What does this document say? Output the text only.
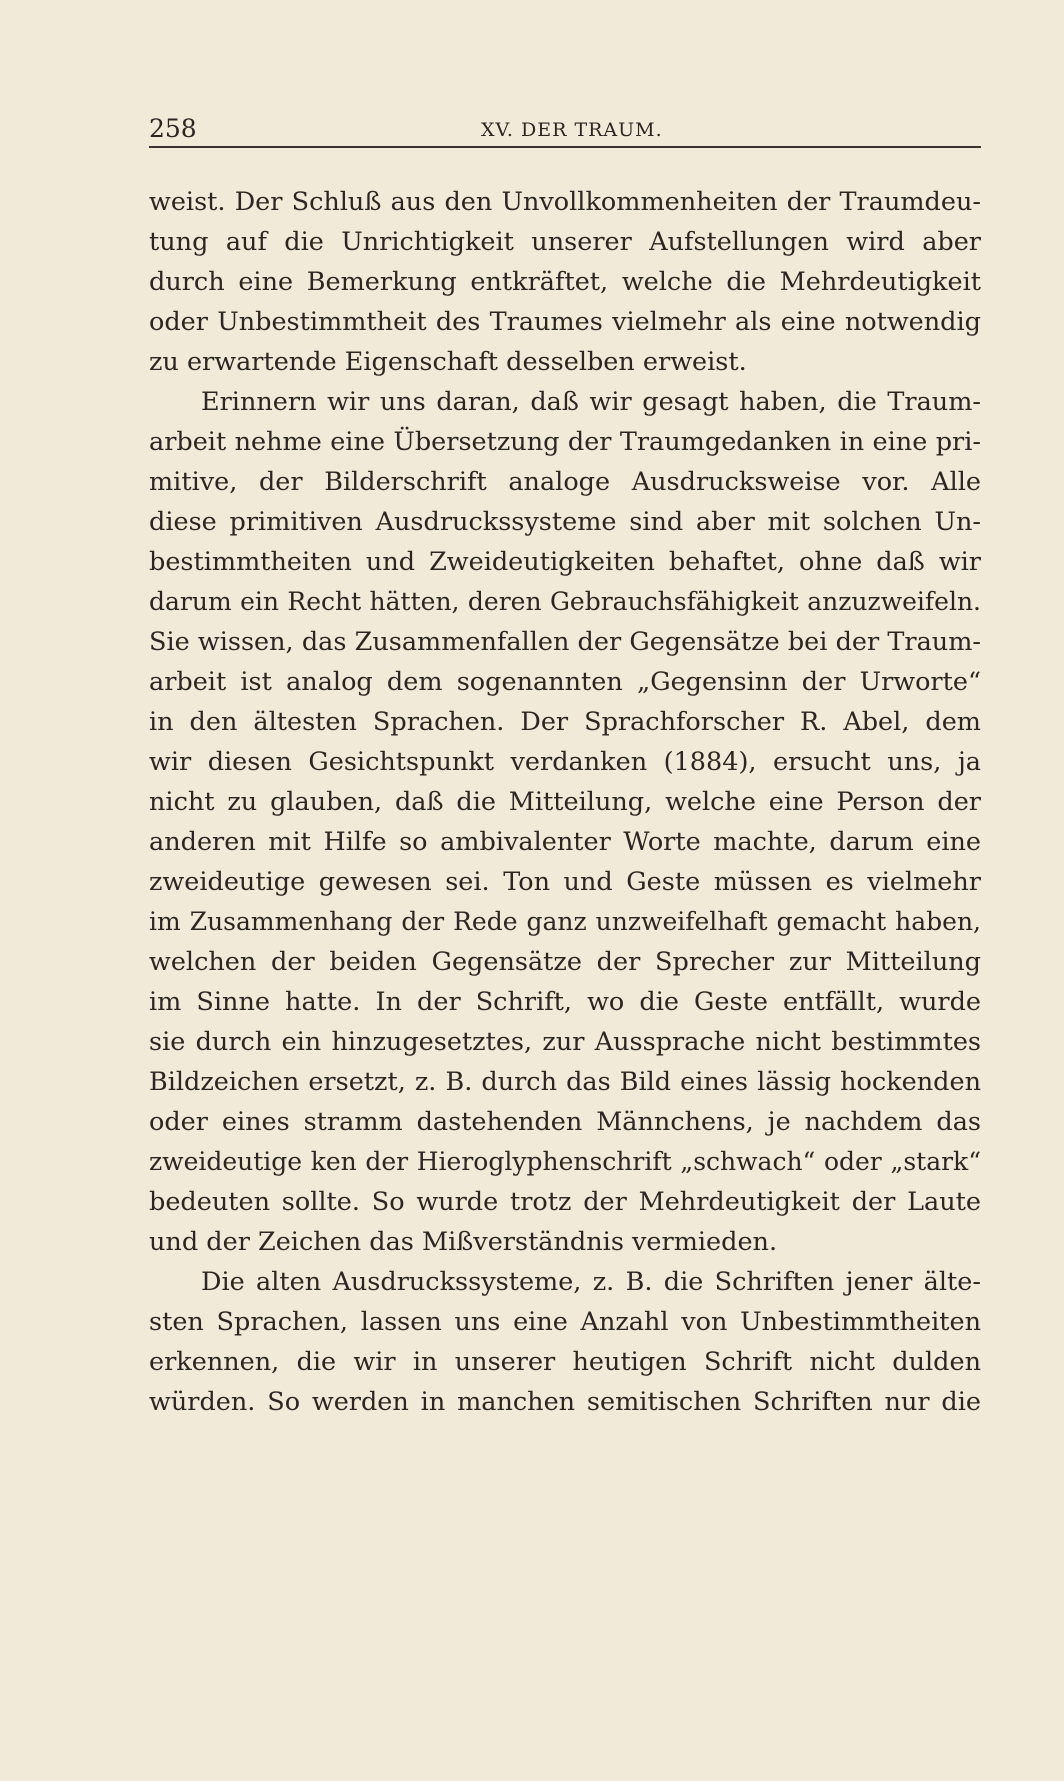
258	XV. DER TRAUM.
weist. Der Schluß aus den Unvollkommenheiten der Traumdeu-
tung auf die Unrichtigkeit unserer Aufstellungen wird aber
durch eine Bemerkung entkräftet, welche die Mehrdeutigkeit
oder Unbestimmtheit des Traumes vielmehr als eine notwendig
zu erwartende Eigenschaft desselben erweist.
Erinnern wir uns daran, daß wir gesagt haben, die Traum-
arbeit nehme eine Übersetzung der Traumgedanken in eine pri-
mitive, der Bilderschrift analoge Ausdrucksweise vor. Alle
diese primitiven Ausdruckssysteme sind aber mit solchen Un-
bestimmtheiten und Zweideutigkeiten behaftet, ohne daß wir
darum ein Recht hätten, deren Gebrauchsfähigkeit anzuzweifeln.
Sie wissen, das Zusammenfallen der Gegensätze bei der Traum-
arbeit ist analog dem sogenannten „Gegensinn der Urworte“
in den ältesten Sprachen. Der Sprachforscher R. Abel, dem
wir diesen Gesichtspunkt verdanken (1884), ersucht uns, ja
nicht zu glauben, daß die Mitteilung, welche eine Person der
anderen mit Hilfe so ambivalenter Worte machte, darum eine
zweideutige gewesen sei. Ton und Geste müssen es vielmehr
im Zusammenhang der Rede ganz unzweifelhaft gemacht haben,
welchen der beiden Gegensätze der Sprecher zur Mitteilung
im Sinne hatte. In der Schrift, wo die Geste entfällt, wurde
sie durch ein hinzugesetztes, zur Aussprache nicht bestimmtes
Bildzeichen ersetzt, z. B. durch das Bild eines lässig hockenden
oder eines stramm dastehenden Männchens, je nachdem das
zweideutige ken der Hieroglyphenschrift „schwach“ oder „stark“
bedeuten sollte. So wurde trotz der Mehrdeutigkeit der Laute
und der Zeichen das Mißverständnis vermieden.
Die alten Ausdruckssysteme, z. B. die Schriften jener älte-
sten Sprachen, lassen uns eine Anzahl von Unbestimmtheiten
erkennen, die wir in unserer heutigen Schrift nicht dulden
würden. So werden in manchen semitischen Schriften nur die
